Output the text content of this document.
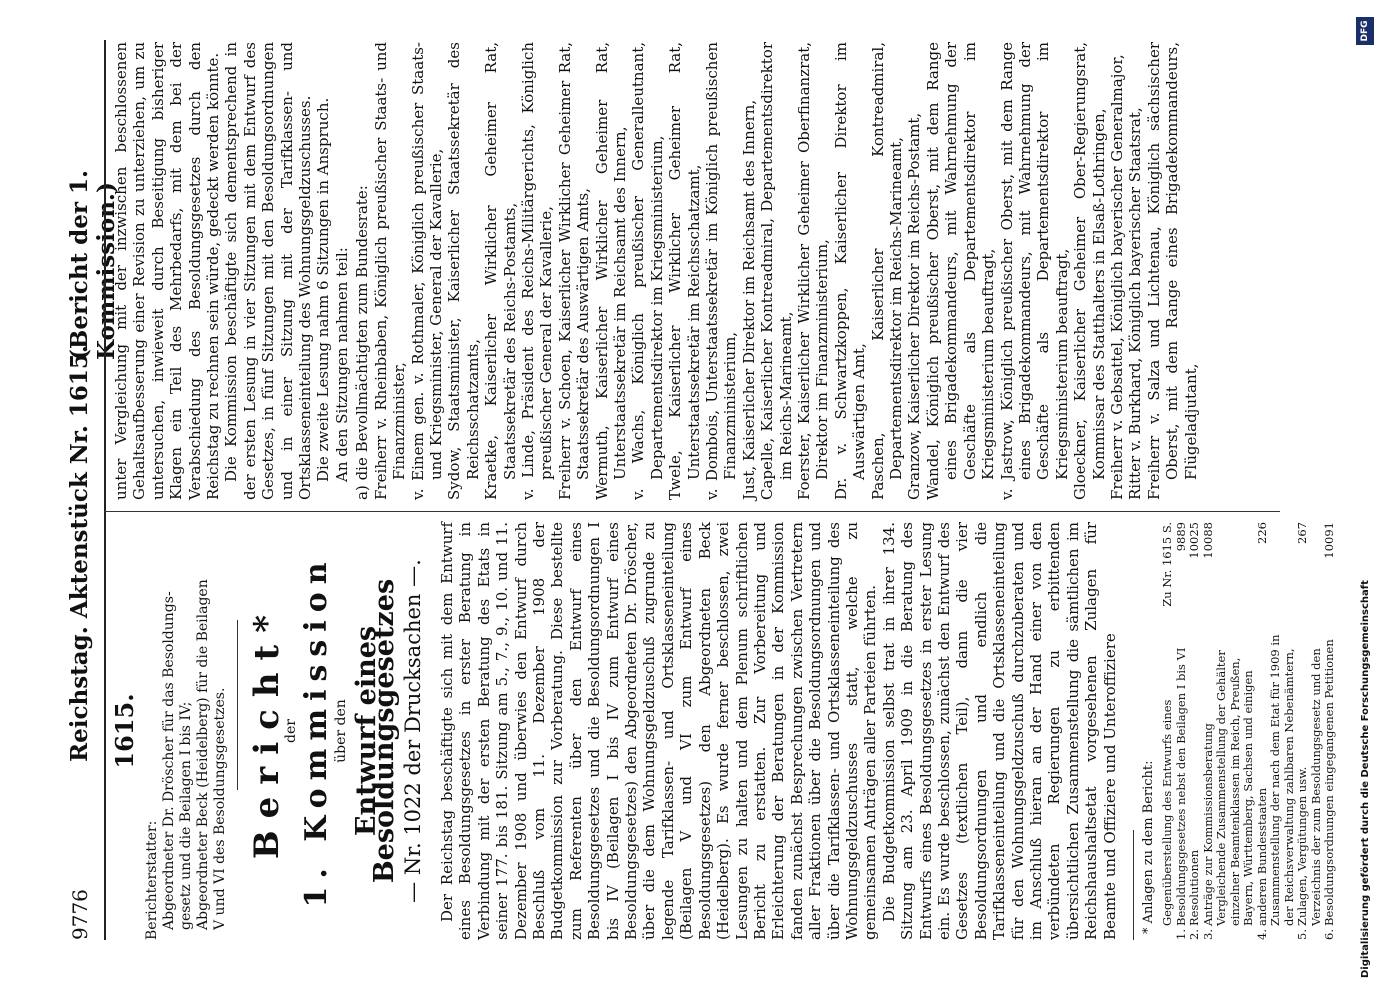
9776
Reichstag. Aktenstück Nr. 1615.
(Bericht der 1. Kommission.)
1615.
Berichterstatter: Abgeordneter Dr. Dröscher für das Besoldungs- gesetz und die Beilagen I bis IV; Abgeordneter Beck (Heidelberg) für die Beilagen V und VI des Besoldungsgesetzes. Bericht*
der 1. Kommission über den Entwurf eines Besoldungsgesetzes — Nr. 1022 der Drucksachen —. Der Reichstag beschäftigte sich mit dem Entwurf eines Besoldungsgesetzes in erster Beratung in Verbindung mit der ersten Beratung des Etats in seiner 177. bis 181. Sitzung am 5., 7., 9., 10. und 11. Dezember 1908 und überwies den Entwurf durch Beschluß vom 11. Dezember 1908 der Budgetkommission zur Vorberatung. Diese bestellte zum Referenten über den Entwurf eines Besoldungsgesetzes und die Besoldungsordnungen I bis IV (Beilagen I bis IV zum Entwurf eines Besoldungsgesetzes) den Abgeordneten Dr. Dröscher, über die dem Wohnungsgeldzuschuß zugrunde zu legende Tarifklassen- und Ortsklasseneinteilung (Beilagen V und VI zum Entwurf eines Besoldungsgesetzes) den Abgeordneten Beck (Heidelberg). Es wurde ferner beschlossen, zwei Lesungen zu halten und dem Plenum schriftlichen Bericht zu erstatten. Zur Vorbereitung und Erleichterung der Beratungen in der Kommission fanden zunächst Besprechungen zwischen Vertretern aller Fraktionen über die Besoldungsordnungen und über die Tarifklassen- und Ortsklasseneinteilung des Wohnungsgeldzuschusses statt, welche zu gemeinsamen Anträgen aller Parteien führten. Die Budgetkommission selbst trat in ihrer 134. Sitzung am 23. April 1909 in die Beratung des Entwurfs eines Besoldungsgesetzes in erster Lesung ein. Es wurde beschlossen, zunächst den Entwurf des Gesetzes (textlichen Teil), dann die vier Besoldungsordnungen und endlich die Tarifklasseneinteilung und die Ortsklasseneinteilung für den Wohnungsgeldzuschuß durchzuberaten und im Anschluß hieran an der Hand einer von den verbündeten Regierungen zu erbittenden übersichtlichen Zusammenstellung die sämtlichen im Reichshaushaltsetat vorgesehenen Zulagen für Beamte und Offiziere und Unteroffiziere * Anlagen zu dem Bericht:
1.
Gegenüberstellung des Entwurfs eines Besoldungsgesetzes nebst den Beilagen I bis VI
Zu Nr. 1615 S. 9889
2.
Resolutionen
10025
3.
Anträge zur Kommissionsberatung
10088
4.
Vergleichende Zusammenstellung der Gehälter einzelner Beamtenklassen im Reich, Preußen, Bayern, Württemberg, Sachsen und einigen anderen Bundesstaaten
226
5.
Zusammenstellung der nach dem Etat für 1909 in der Reichsverwaltung zahlbaren Nebenämtern, Zulagen, Vergütungen usw.
267
6.
Verzeichnis der zum Besoldungsgesetz und den Besoldungsordnungen eingegangenen Petitionen
10091

unter Vergleichung mit der inzwischen beschlossenen Gehaltsaufbesserung einer Revision zu unterziehen, um zu untersuchen, inwieweit durch Beseitigung bisheriger Klagen ein Teil des Mehrbedarfs, mit dem bei der Verabschiedung des Besoldungsgesetzes durch den Reichstag zu rechnen sein würde, gedeckt werden könnte. Die Kommission beschäftigte sich dementsprechend in der ersten Lesung in vier Sitzungen mit dem Entwurf des Gesetzes, in fünf Sitzungen mit den Besoldungsordnungen und in einer Sitzung mit der Tarifklassen- und Ortsklasseneinteilung des Wohnungsgeldzuschusses. Die zweite Lesung nahm 6 Sitzungen in Anspruch. An den Sitzungen nahmen teil: a) die Bevollmächtigten zum Bundesrate: Freiherr v. Rheinbaben, Königlich preußischer Staats- und Finanzminister, v. Einem gen. v. Rothmaler, Königlich preußischer Staats- und Kriegsminister, General der Kavallerie, Sydow, Staatsminister, Kaiserlicher Staatssekretär des Reichsschatzamts, Kraetke, Kaiserlicher Wirklicher Geheimer Rat, Staatssekretär des Reichs-Postamts, v. Linde, Präsident des Reichs-Militärgerichts, Königlich preußischer General der Kavallerie, Freiherr v. Schoen, Kaiserlicher Wirklicher Geheimer Rat, Staatssekretär des Auswärtigen Amts, Wermuth, Kaiserlicher Wirklicher Geheimer Rat, Unterstaatssekretär im Reichsamt des Innern, v. Wachs, Königlich preußischer Generalleutnant, Departementsdirektor im Kriegsministerium, Twele, Kaiserlicher Wirklicher Geheimer Rat, Unterstaatssekretär im Reichsschatzamt, v. Dombois, Unterstaatssekretär im Königlich preußischen Finanzministerium, Just, Kaiserlicher Direktor im Reichsamt des Innern, Capelle, Kaiserlicher Kontreadmiral, Departementsdirektor im Reichs-Marineamt, Foerster, Kaiserlicher Wirklicher Geheimer Oberfinanzrat, Direktor im Finanzministerium, Dr. v. Schwartzkoppen, Kaiserlicher Direktor im Auswärtigen Amt, Paschen, Kaiserlicher Kontreadmiral, Departementsdirektor im Reichs-Marineamt, Granzow, Kaiserlicher Direktor im Reichs-Postamt, Wandel, Königlich preußischer Oberst, mit dem Range eines Brigadekommandeurs, mit Wahrnehmung der Geschäfte als Departementsdirektor im Kriegsministerium beauftragt, v. Jastrow, Königlich preußischer Oberst, mit dem Range eines Brigadekommandeurs, mit Wahrnehmung der Geschäfte als Departementsdirektor im Kriegsministerium beauftragt, Gloeckner, Kaiserlicher Geheimer Ober-Regierungsrat, Kommissar des Statthalters in Elsaß-Lothringen, Freiherr v. Gebsattel, Königlich bayerischer Generalmajor, Ritter v. Burkhard, Königlich bayerischer Staatsrat, Freiherr v. Salza und Lichtenau, Königlich sächsischer Oberst, mit dem Range eines Brigadekommandeurs, Flügeladjutant,

Digitalisierung gefördert durch die Deutsche Forschungsgemeinschaft
DFG
